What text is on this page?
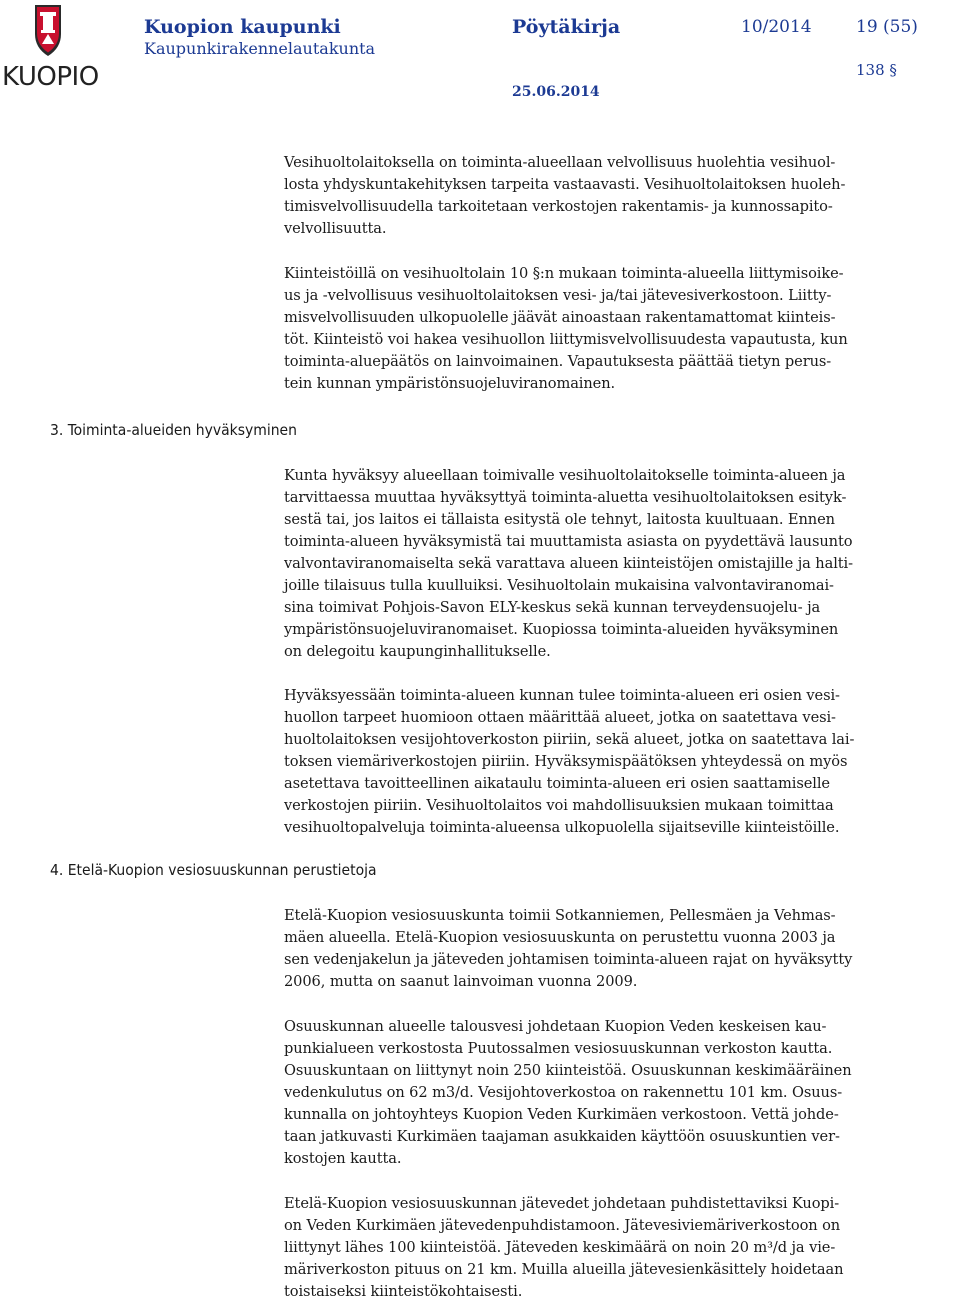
KUOPIO
Kuopion kaupunki
Kaupunkirakennelautakunta
Pöytäkirja	10/2014	19 (55)
138 §
25.06.2014
3. Toiminta-alueiden hyväksyminen
4. Etelä-Kuopion vesiosuuskunnan perustietoja
Vesihuoltolaitoksella on toiminta-alueellaan velvollisuus huolehtia vesihuol-
losta yhdyskuntakehityksen tarpeita vastaavasti. Vesihuoltolaitoksen huoleh-
timisvelvollisuudella tarkoitetaan verkostojen rakentamis- ja kunnossapito-
velvollisuutta.
Kiinteistöillä on vesihuoltolain 10 §:n mukaan toiminta-alueella liittymisoike-
us ja -velvollisuus vesihuoltolaitoksen vesi- ja/tai jätevesiverkostoon. Liitty-
misvelvollisuuden ulkopuolelle jäävät ainoastaan rakentamattomat kiinteis-
töt. Kiinteistö voi hakea vesihuollon liittymisvelvollisuudesta vapautusta, kun
toiminta-aluepäätös on lainvoimainen. Vapautuksesta päättää tietyn perus-
tein kunnan ympäristönsuojeluviranomainen.
Kunta hyväksyy alueellaan toimivalle vesihuoltolaitokselle toiminta-alueen ja
tarvittaessa muuttaa hyväksyttyä toiminta-aluetta vesihuoltolaitoksen esityk-
sestä tai, jos laitos ei tällaista esitystä ole tehnyt, laitosta kuultuaan. Ennen
toiminta-alueen hyväksymistä tai muuttamista asiasta on pyydettävä lausunto
valvontaviranomaiselta sekä varattava alueen kiinteistöjen omistajille ja halti-
joille tilaisuus tulla kuulluiksi. Vesihuoltolain mukaisina valvontaviranomai-
sina toimivat Pohjois-Savon ELY-keskus sekä kunnan terveydensuojelu- ja
ympäristönsuojeluviranomaiset. Kuopiossa toiminta-alueiden hyväksyminen
on delegoitu kaupunginhallitukselle.
Hyväksyessään toiminta-alueen kunnan tulee toiminta-alueen eri osien vesi-
huollon tarpeet huomioon ottaen määrittää alueet, jotka on saatettava vesi-
huoltolaitoksen vesijohtoverkoston piiriin, sekä alueet, jotka on saatettava lai-
toksen viemäriverkostojen piiriin. Hyväksymispäätöksen yhteydessä on myös
asetettava tavoitteellinen aikataulu toiminta-alueen eri osien saattamiselle
verkostojen piiriin. Vesihuoltolaitos voi mahdollisuuksien mukaan toimittaa
vesihuoltopalveluja toiminta-alueensa ulkopuolella sijaitseville kiinteistöille.
Etelä-Kuopion vesiosuuskunta toimii Sotkanniemen, Pellesmäen ja Vehmas-
mäen alueella. Etelä-Kuopion vesiosuuskunta on perustettu vuonna 2003 ja
sen vedenjakelun ja jäteveden johtamisen toiminta-alueen rajat on hyväksytty
2006, mutta on saanut lainvoiman vuonna 2009.
Osuuskunnan alueelle talousvesi johdetaan Kuopion Veden keskeisen kau-
punkialueen verkostosta Puutossalmen vesiosuuskunnan verkoston kautta.
Osuuskuntaan on liittynyt noin 250 kiinteistöä. Osuuskunnan keskimääräinen
vedenkulutus on 62 m3/d. Vesijohtoverkostoa on rakennettu 101 km. Osuus-
kunnalla on johtoyhteys Kuopion Veden Kurkimäen verkostoon. Vettä johde-
taan jatkuvasti Kurkimäen taajaman asukkaiden käyttöön osuuskuntien ver-
kostojen kautta.
Etelä-Kuopion vesiosuuskunnan jätevedet johdetaan puhdistettaviksi Kuopi-
on Veden Kurkimäen jätevedenpuhdistamoon. Jätevesiviemäriverkostoon on
liittynyt lähes 100 kiinteistöä. Jäteveden keskimäärä on noin 20 m³/d ja vie-
märiverkoston pituus on 21 km. Muilla alueilla jätevesienkäsittely hoidetaan
toistaiseksi kiinteistökohtaisesti.
